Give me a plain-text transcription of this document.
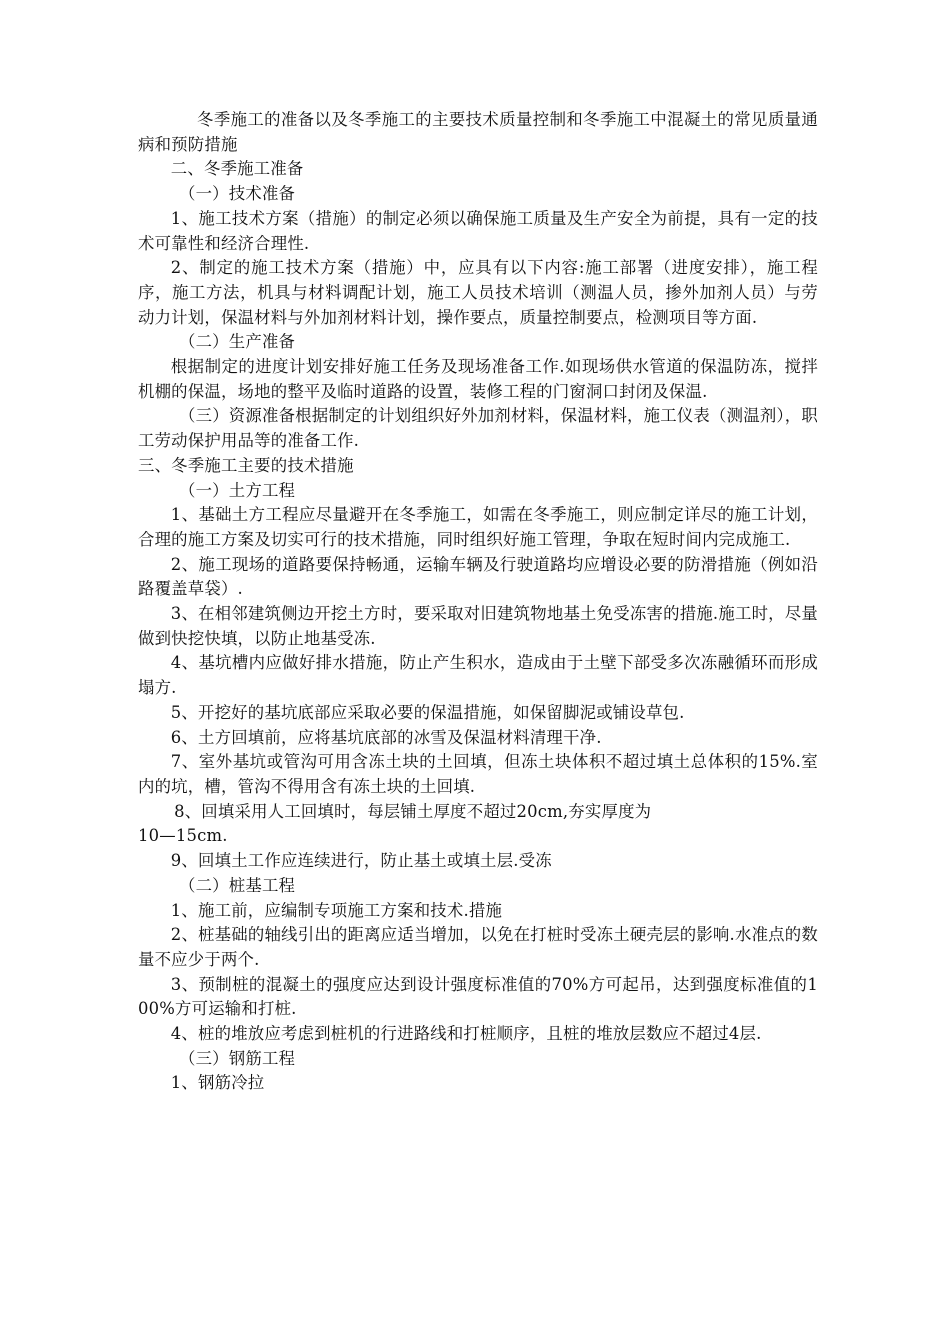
冬季施工的准备以及冬季施工的主要技术质量控制和冬季施工中混凝土的常见质量通病和预防措施

二、冬季施工准备

（一）技术准备

1、施工技术方案（措施）的制定必须以确保施工质量及生产安全为前提，具有一定的技术可靠性和经济合理性.

2、制定的施工技术方案（措施）中，应具有以下内容:施工部署（进度安排），施工程序，施工方法，机具与材料调配计划，施工人员技术培训（测温人员，掺外加剂人员）与劳动力计划，保温材料与外加剂材料计划，操作要点，质量控制要点，检测项目等方面.

（二）生产准备

根据制定的进度计划安排好施工任务及现场准备工作.如现场供水管道的保温防冻，搅拌机棚的保温，场地的整平及临时道路的设置，装修工程的门窗洞口封闭及保温.

（三）资源准备根据制定的计划组织好外加剂材料，保温材料，施工仪表（测温剂），职工劳动保护用品等的准备工作.

三、冬季施工主要的技术措施

（一）土方工程

1、基础土方工程应尽量避开在冬季施工，如需在冬季施工，则应制定详尽的施工计划，合理的施工方案及切实可行的技术措施，同时组织好施工管理，争取在短时间内完成施工.

2、施工现场的道路要保持畅通，运输车辆及行驶道路均应增设必要的防滑措施（例如沿路覆盖草袋）.

3、在相邻建筑侧边开挖土方时，要采取对旧建筑物地基土免受冻害的措施.施工时，尽量做到快挖快填，以防止地基受冻.

4、基坑槽内应做好排水措施，防止产生积水，造成由于土壁下部受多次冻融循环而形成塌方.

5、开挖好的基坑底部应采取必要的保温措施，如保留脚泥或铺设草包.

6、土方回填前，应将基坑底部的冰雪及保温材料清理干净.

7、室外基坑或管沟可用含冻土块的土回填，但冻土块体积不超过填土总体积的15%.室内的坑，槽，管沟不得用含有冻土块的土回填.

8、回填采用人工回填时，每层铺土厚度不超过20cm,夯实厚度为

10—15cm.

9、回填土工作应连续进行，防止基土或填土层.受冻

（二）桩基工程

1、施工前，应编制专项施工方案和技术.措施

2、桩基础的轴线引出的距离应适当增加，以免在打桩时受冻土硬壳层的影响.水准点的数量不应少于两个.

3、预制桩的混凝土的强度应达到设计强度标准值的70%方可起吊，达到强度标准值的100%方可运输和打桩.

4、桩的堆放应考虑到桩机的行进路线和打桩顺序，且桩的堆放层数应不超过4层.

（三）钢筋工程

1、钢筋冷拉
